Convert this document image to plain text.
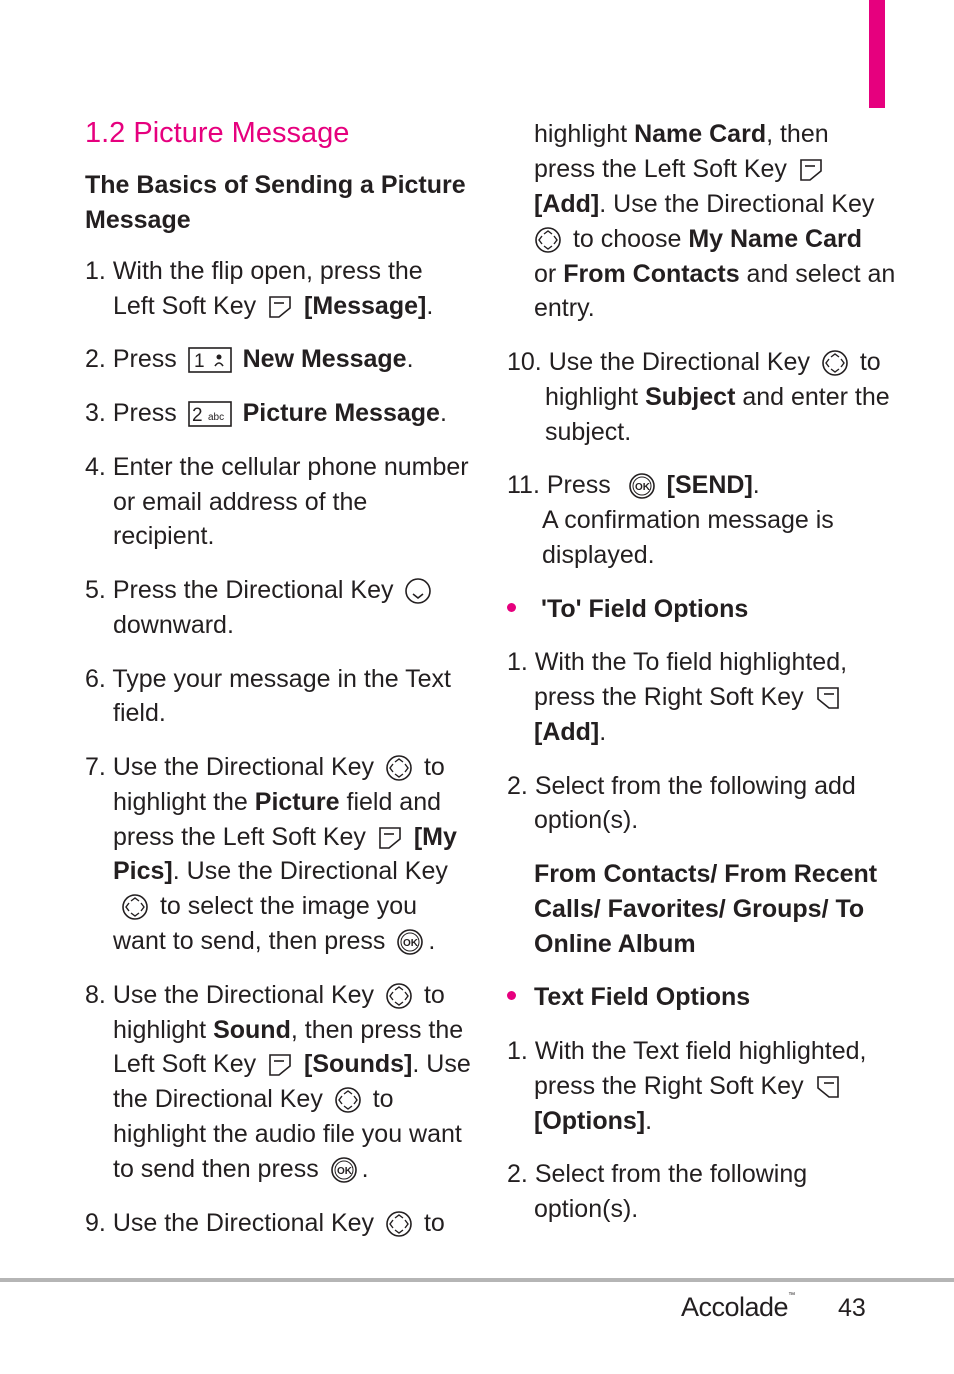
1.2 Picture Message
The Basics of Sending a Picture
Message
1. With the flip open, press the
Left Soft Key [Message].
2. Press 1 New Message.
3. Press 2 abc Picture Message.
4. Enter the cellular phone number
or email address of the
recipient.
5. Press the Directional Key
downward.
6. Type your message in the Text
field.
7. Use the Directional Key to
highlight the Picture field and
press the Left Soft Key [My
Pics]. Use the Directional Key
to select the image you
want to send, then press OK .
8. Use the Directional Key to
highlight Sound, then press the
Left Soft Key [Sounds]. Use
the Directional Key to
highlight the audio file you want
to send then press OK .
9. Use the Directional Key to
highlight Name Card, then
press the Left Soft Key
[Add]. Use the Directional Key
to choose My Name Card
or From Contacts and select an
entry.
10. Use the Directional Key to
highlight Subject and enter the
subject.
11. Press OK [SEND].
A confirmation message is
displayed.
'To' Field Options
1. With the To field highlighted,
press the Right Soft Key
[Add].
2. Select from the following add
option(s).
From Contacts/ From Recent
Calls/ Favorites/ Groups/ To
Online Album
Text Field Options
1. With the Text field highlighted,
press the Right Soft Key
[Options].
2. Select from the following
option(s).
Accolade™ 43
